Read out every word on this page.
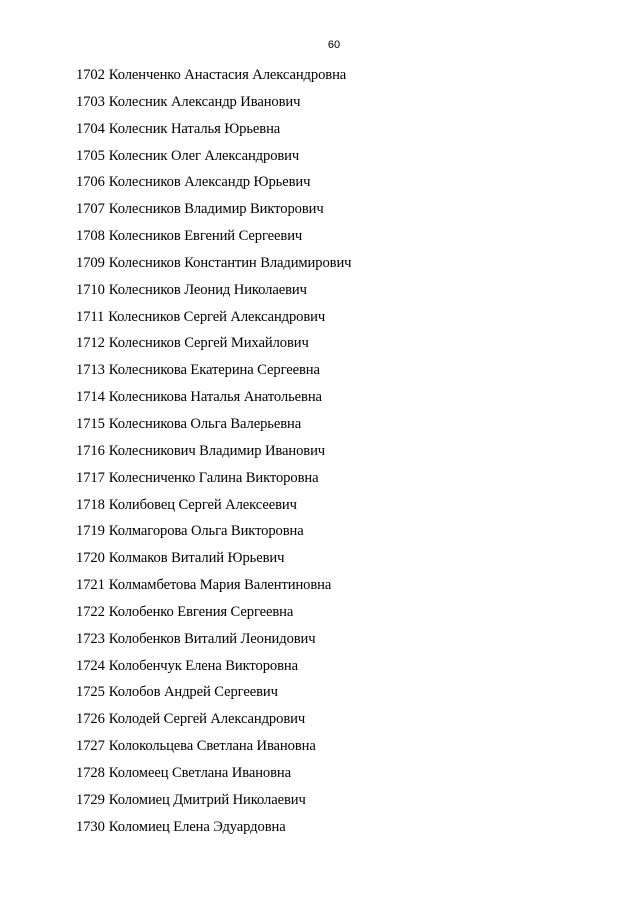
60
1702 Коленченко Анастасия Александровна
1703 Колесник Александр Иванович
1704 Колесник Наталья Юрьевна
1705 Колесник Олег Александрович
1706 Колесников Александр Юрьевич
1707 Колесников Владимир Викторович
1708 Колесников Евгений Сергеевич
1709 Колесников Константин Владимирович
1710 Колесников Леонид Николаевич
1711 Колесников Сергей Александрович
1712 Колесников Сергей Михайлович
1713 Колесникова Екатерина Сергеевна
1714 Колесникова Наталья Анатольевна
1715 Колесникова Ольга Валерьевна
1716 Колесникович Владимир Иванович
1717 Колесниченко Галина Викторовна
1718 Колибовец Сергей Алексеевич
1719 Колмагорова Ольга Викторовна
1720 Колмаков Виталий Юрьевич
1721 Колмамбетова Мария Валентиновна
1722 Колобенко Евгения Сергеевна
1723 Колобенков Виталий Леонидович
1724 Колобенчук Елена Викторовна
1725 Колобов Андрей Сергеевич
1726 Колодей Сергей Александрович
1727 Колокольцева Светлана Ивановна
1728 Коломеец Светлана Ивановна
1729 Коломиец Дмитрий Николаевич
1730 Коломиец Елена Эдуардовна
